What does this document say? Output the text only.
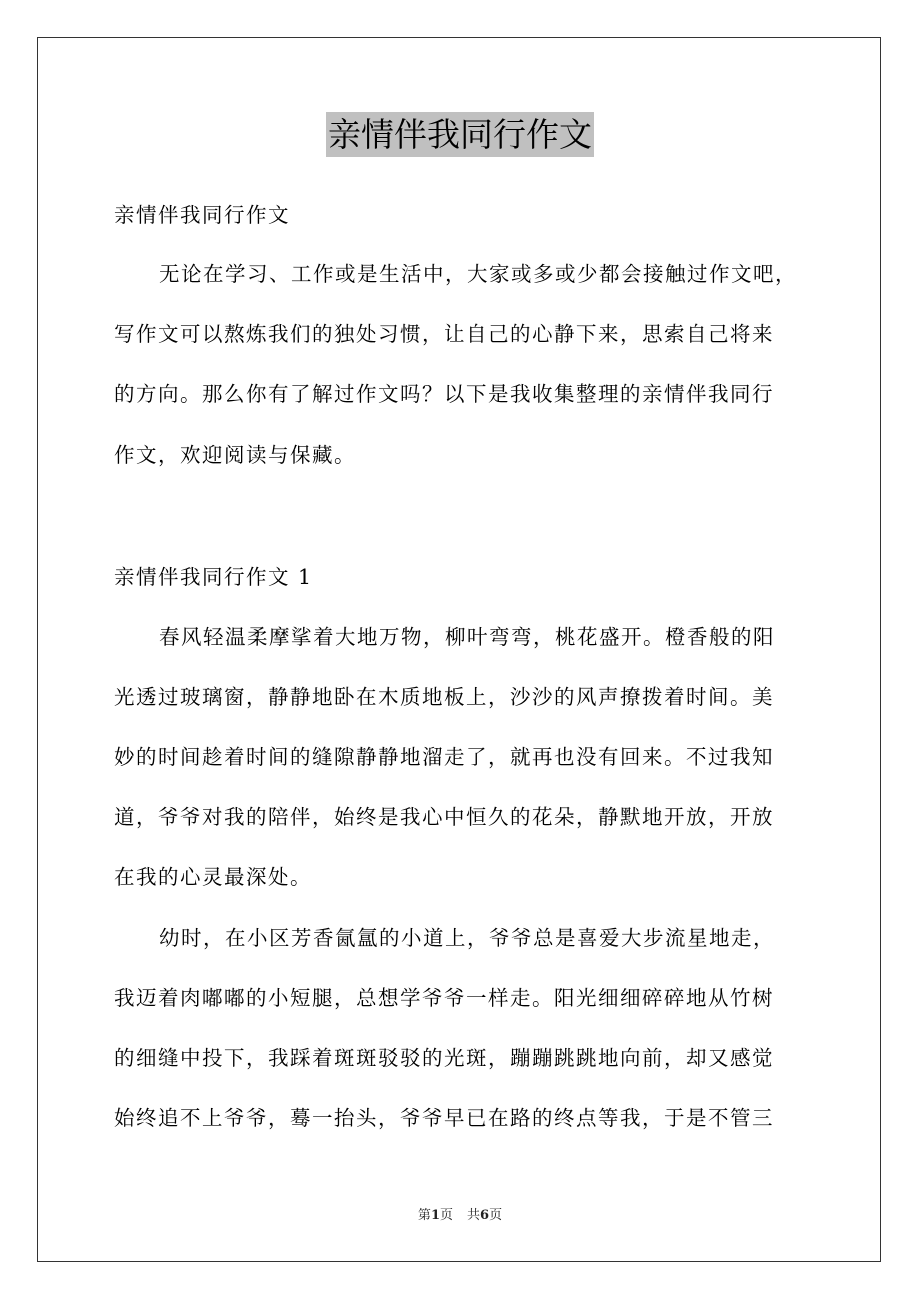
亲情伴我同行作文
亲情伴我同行作文
无论在学习、工作或是生活中，大家或多或少都会接触过作文吧，
写作文可以熬炼我们的独处习惯，让自己的心静下来，思索自己将来
的方向。那么你有了解过作文吗？以下是我收集整理的亲情伴我同行
作文，欢迎阅读与保藏。
亲情伴我同行作文 1
春风轻温柔摩挲着大地万物，柳叶弯弯，桃花盛开。橙香般的阳
光透过玻璃窗，静静地卧在木质地板上，沙沙的风声撩拨着时间。美
妙的时间趁着时间的缝隙静静地溜走了，就再也没有回来。不过我知
道，爷爷对我的陪伴，始终是我心中恒久的花朵，静默地开放，开放
在我的心灵最深处。
幼时，在小区芳香氤氲的小道上，爷爷总是喜爱大步流星地走，
我迈着肉嘟嘟的小短腿，总想学爷爷一样走。阳光细细碎碎地从竹树
的细缝中投下，我踩着斑斑驳驳的光斑，蹦蹦跳跳地向前，却又感觉
始终追不上爷爷，蓦一抬头，爷爷早已在路的终点等我，于是不管三
第1页 共6页
